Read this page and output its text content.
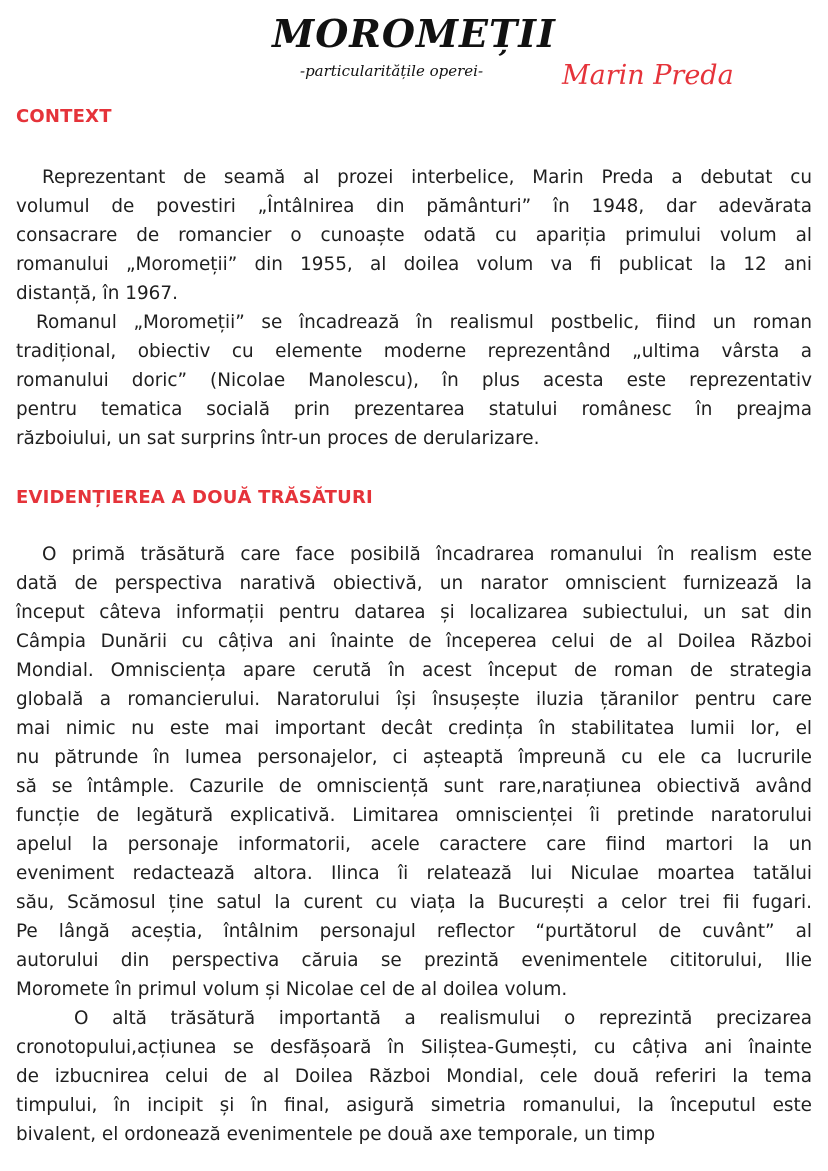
MOROMEȚII
-particularitățile operei-	Marin Preda
CONTEXT
Reprezentant de seamă al prozei interbelice, Marin Preda a debutat cu
volumul de povestiri „Întâlnirea din pământuri” în 1948, dar adevărata
consacrare de romancier o cunoaște odată cu apariția primului volum al
romanului „Moromeții” din 1955, al doilea volum va fi publicat la 12 ani
distanță, în 1967.
Romanul „Moromeții” se încadrează în realismul postbelic, fiind un roman
tradițional, obiectiv cu elemente moderne reprezentând „ultima vârsta a
romanului doric” (Nicolae Manolescu), în plus acesta este reprezentativ
pentru tematica socială prin prezentarea statului românesc în preajma
războiului, un sat surprins într-un proces de derularizare.
EVIDENȚIEREA A DOUĂ TRĂSĂTURI
O primă trăsătură care face posibilă încadrarea romanului în realism este
dată de perspectiva narativă obiectivă, un narator omniscient furnizează la
început câteva informații pentru datarea și localizarea subiectului, un sat din
Câmpia Dunării cu câțiva ani înainte de începerea celui de al Doilea Război
Mondial. Omnisciența apare cerută în acest început de roman de strategia
globală a romancierului. Naratorului își însușește iluzia țăranilor pentru care
mai nimic nu este mai important decât credința în stabilitatea lumii lor, el
nu pătrunde în lumea personajelor, ci așteaptă împreună cu ele ca lucrurile
să se întâmple. Cazurile de omnisciență sunt rare,narațiunea obiectivă având
funcție de legătură explicativă. Limitarea omniscienței îi pretinde naratorului
apelul la personaje informatorii, acele caractere care fiind martori la un
eveniment redactează altora. Ilinca îi relatează lui Niculae moartea tatălui
său, Scămosul ține satul la curent cu viața la București a celor trei fii fugari.
Pe lângă aceștia, întâlnim personajul reflector “purtătorul de cuvânt” al
autorului din perspectiva căruia se prezintă evenimentele cititorului, Ilie
Moromete în primul volum și Nicolae cel de al doilea volum.
O altă trăsătură importantă a realismului o reprezintă precizarea
cronotopului,acțiunea se desfășoară în Siliștea-Gumești, cu câțiva ani înainte
de izbucnirea celui de al Doilea Război Mondial, cele două referiri la tema
timpului, în incipit și în final, asigură simetria romanului, la începutul este
bivalent, el ordonează evenimentele pe două axe temporale, un timp
